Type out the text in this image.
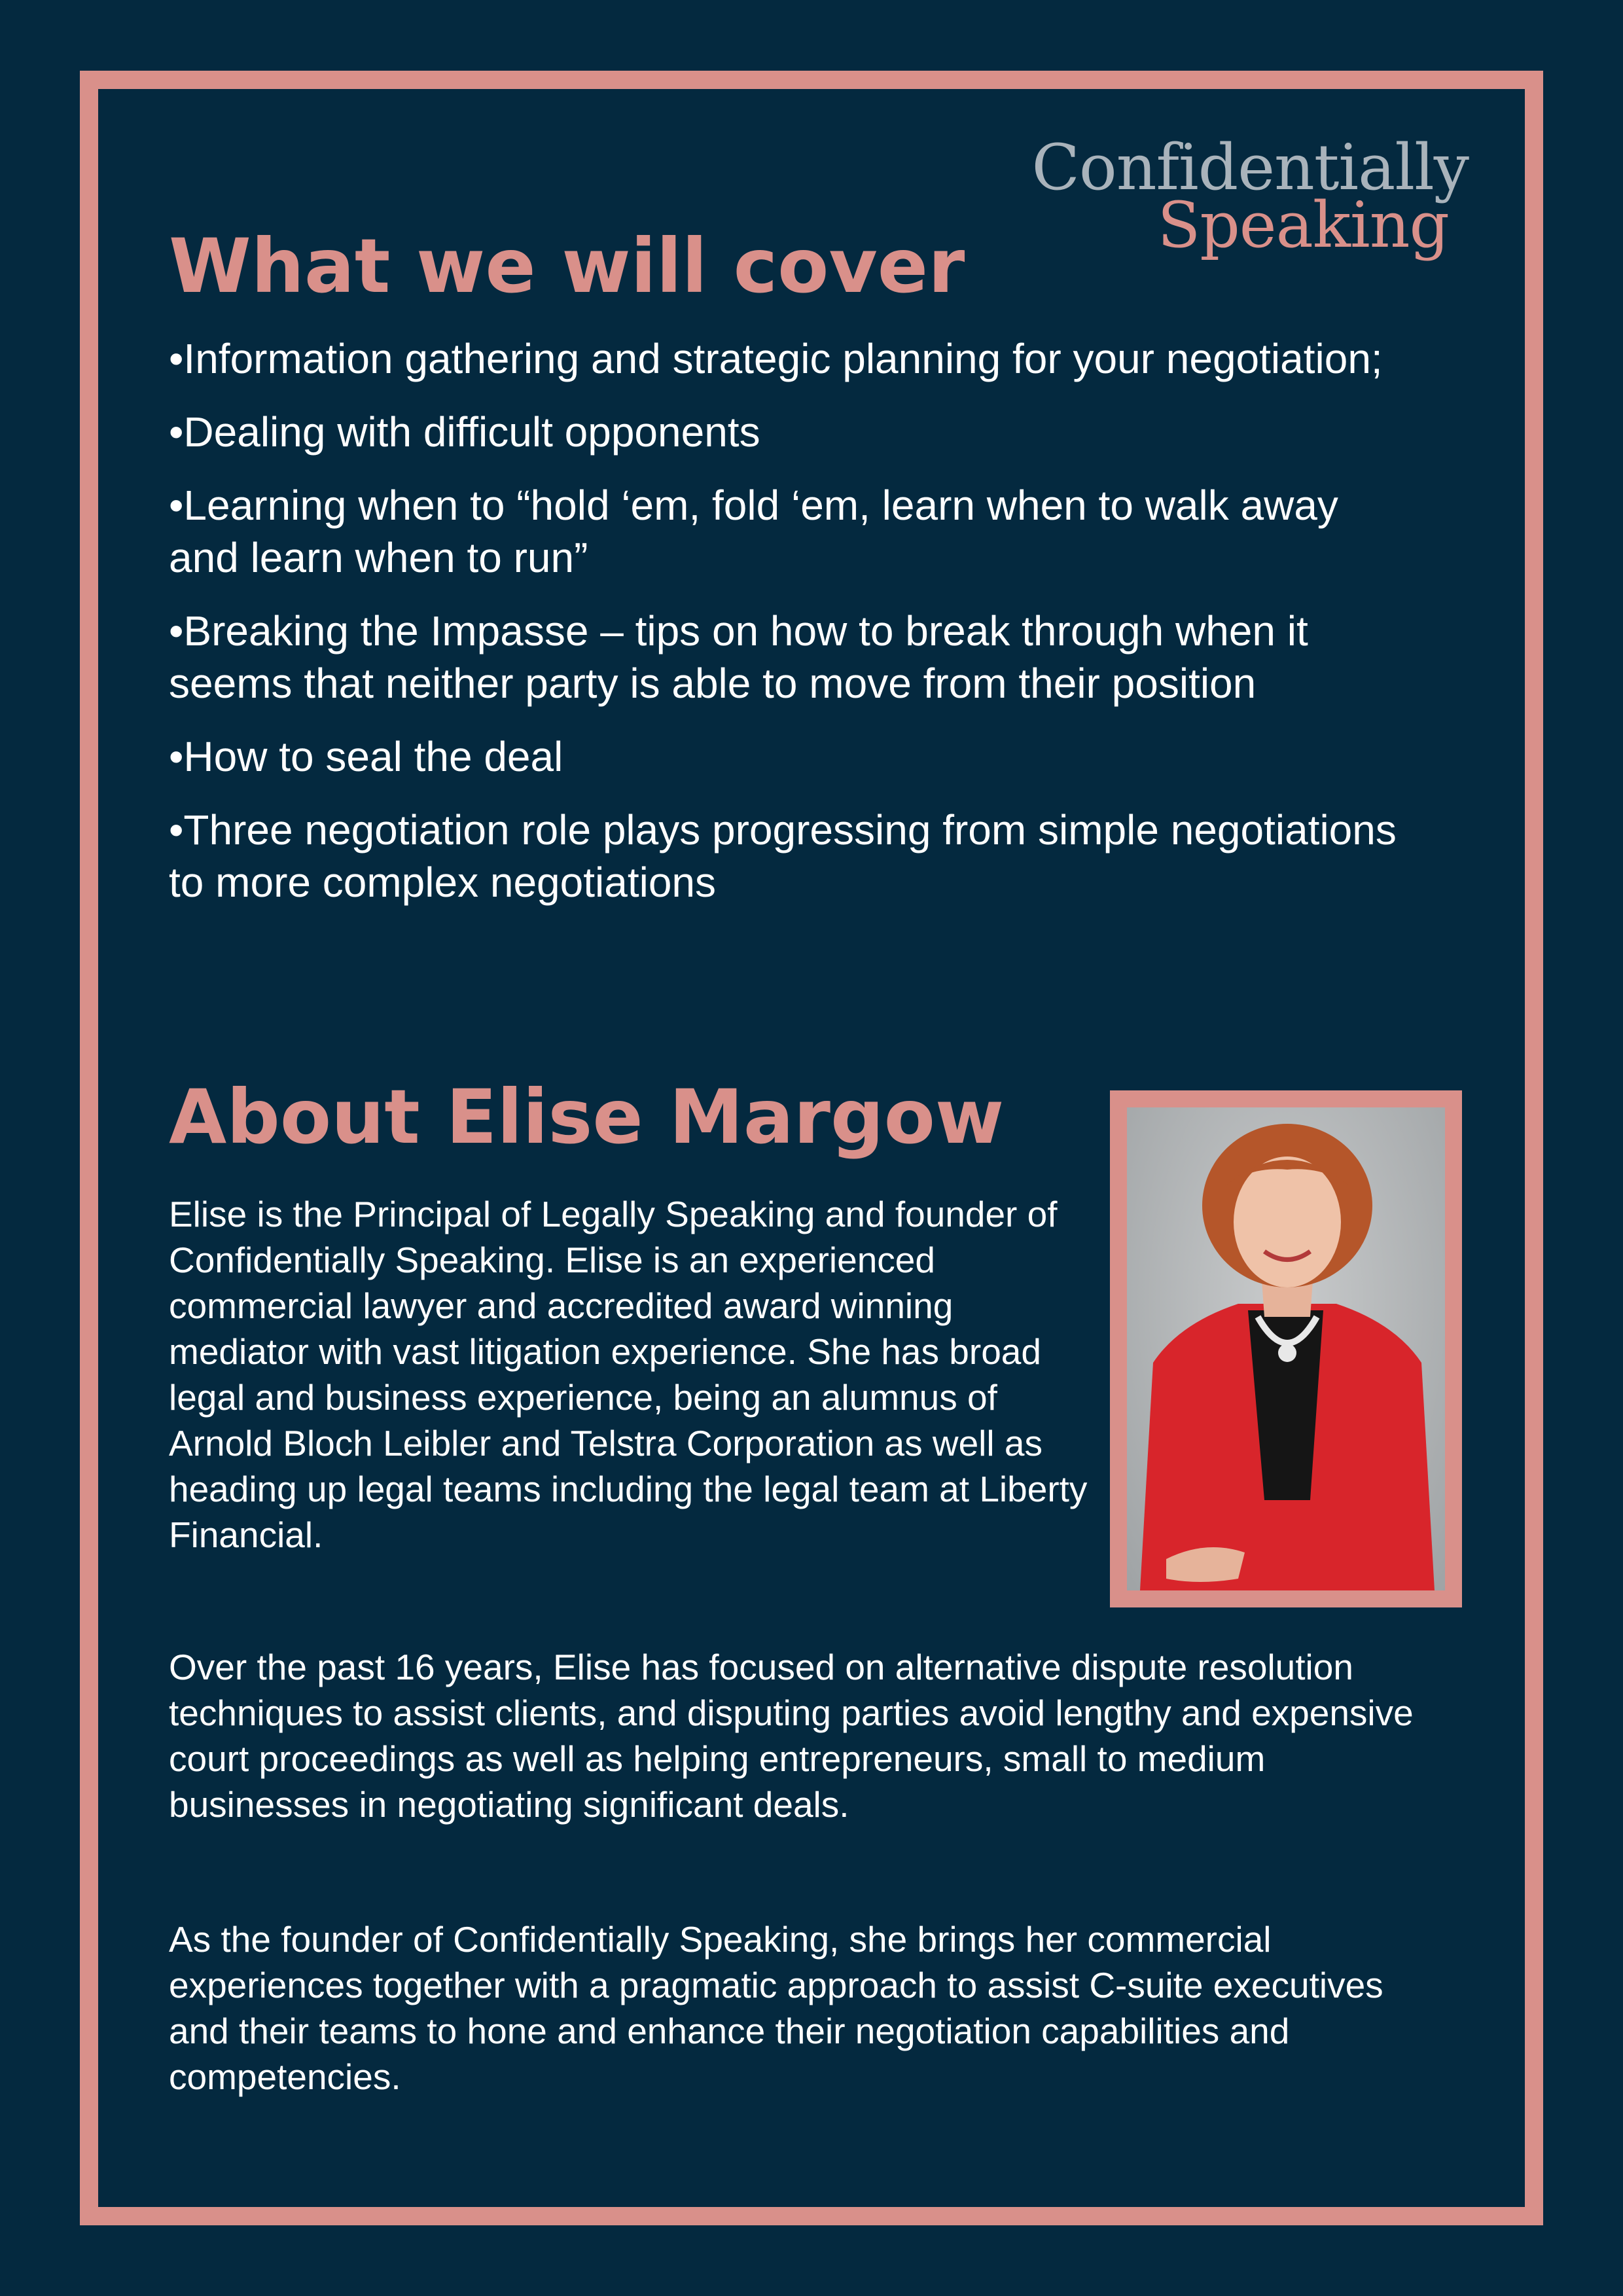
Confidentially
Speaking
What we will cover
•Information gathering and strategic planning for your negotiation;
•Dealing with difficult opponents
•Learning when to “hold ‘em, fold ‘em, learn when to walk away and learn when to run”
•Breaking the Impasse – tips on how to break through when it seems that neither party is able to move from their position
•How to seal the deal
•Three negotiation role plays progressing from simple negotiations to more complex negotiations
About Elise Margow

Elise is the Principal of Legally Speaking and founder of Confidentially Speaking. Elise is an experienced commercial lawyer and accredited award winning mediator with vast litigation experience. She has broad legal and business experience, being an alumnus of Arnold Bloch Leibler and Telstra Corporation as well as heading up legal teams including the legal team at Liberty Financial.

Over the past 16 years, Elise has focused on alternative dispute resolution techniques to assist clients, and disputing parties avoid lengthy and expensive court proceedings as well as helping entrepreneurs, small to medium businesses in negotiating significant deals.

As the founder of Confidentially Speaking, she brings her commercial experiences together with a pragmatic approach to assist C-suite executives and their teams to hone and enhance their negotiation capabilities and competencies.
